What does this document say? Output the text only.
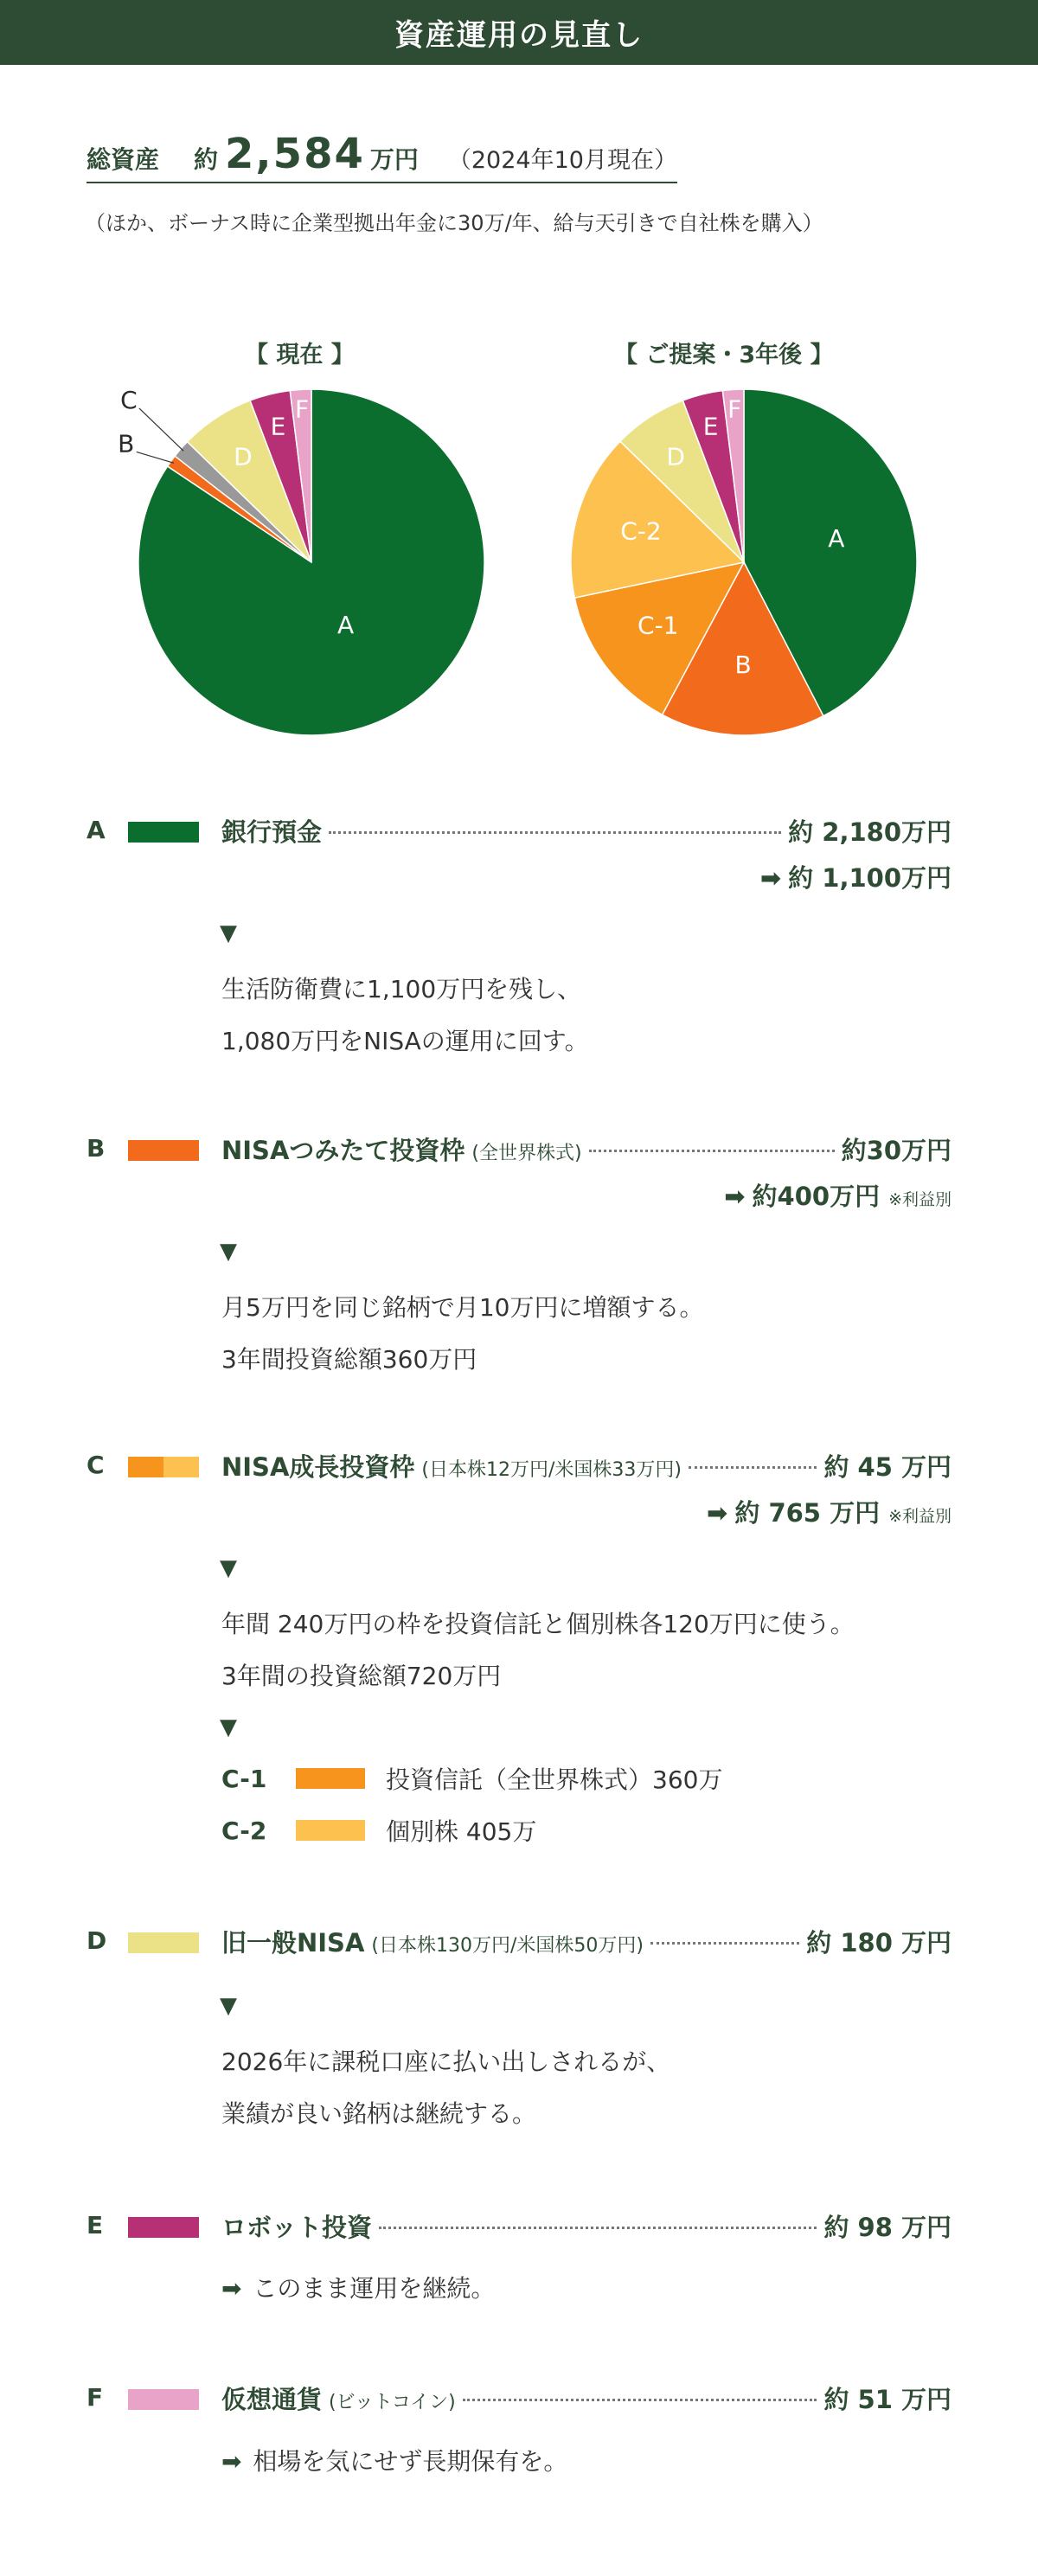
資産運用の見直し
総資産 約 2,584 万円 （2024年10月現在）
（ほか、ボーナス時に企業型拠出年金に30万/年、給与天引きで自社株を購入）
【 現在 】	【 ご提案・3年後 】
A
B
C
D
E
F
A
B
C-1
C-2
D
E
F
A	銀行預金	約 2,180万円
➡ 約 1,100万円
▼
生活防衛費に1,100万円を残し、
1,080万円をNISAの運用に回す。
B	NISAつみたて投資枠 (全世界株式)	約30万円
➡ 約400万円 ※利益別
▼
月5万円を同じ銘柄で月10万円に増額する。
3年間投資総額360万円
C	NISA成長投資枠 (日本株12万円/米国株33万円)	約 45 万円
➡ 約 765 万円 ※利益別
▼
年間 240万円の枠を投資信託と個別株各120万円に使う。
3年間の投資総額720万円
▼
C-1	投資信託（全世界株式）360万
C-2	個別株 405万
D	旧一般NISA (日本株130万円/米国株50万円)	約 180 万円
▼
2026年に課税口座に払い出しされるが、
業績が良い銘柄は継続する。
E	ロボット投資	約 98 万円
➡ このまま運用を継続。
F	仮想通貨 (ビットコイン)	約 51 万円
➡ 相場を気にせず長期保有を。
